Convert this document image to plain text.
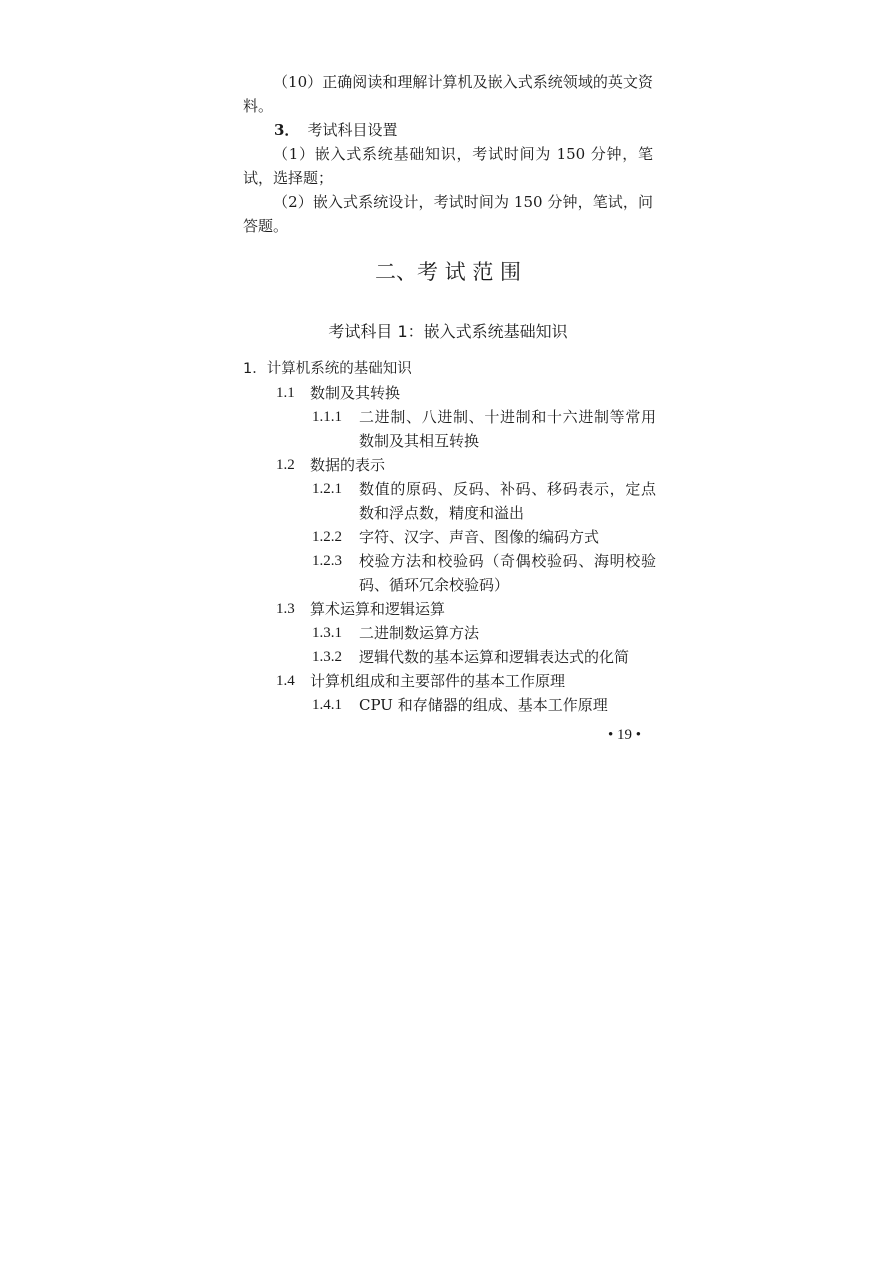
（10）正确阅读和理解计算机及嵌入式系统领域的英文资料。

3． 考试科目设置

（1）嵌入式系统基础知识，考试时间为 150 分钟，笔试，选择题；

（2）嵌入式系统设计，考试时间为 150 分钟，笔试，问答题。

二、考 试 范 围
考试科目 1：嵌入式系统基础知识
1．计算机系统的基础知识
1.1 数制及其转换
1.1.1 二进制、八进制、十进制和十六进制等常用数制及其相互转换
1.2 数据的表示
1.2.1 数值的原码、反码、补码、移码表示，定点数和浮点数，精度和溢出
1.2.2 字符、汉字、声音、图像的编码方式
1.2.3 校验方法和校验码（奇偶校验码、海明校验码、循环冗余校验码）
1.3 算术运算和逻辑运算
1.3.1 二进制数运算方法
1.3.2 逻辑代数的基本运算和逻辑表达式的化简
1.4 计算机组成和主要部件的基本工作原理
1.4.1 CPU 和存储器的组成、基本工作原理
• 19 •
